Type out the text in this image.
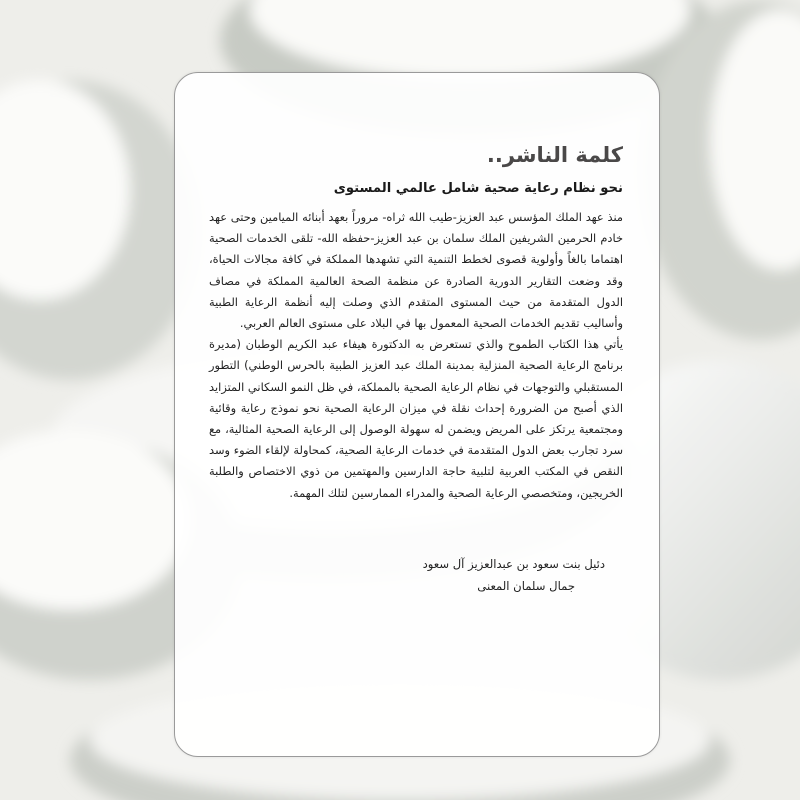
كلمة الناشر..
نحو نظام رعاية صحية شامل عالمي المستوى

منذ عهد الملك المؤسس عبد العزيز-طيب الله ثراه- مروراً بعهد أبنائه الميامين وحتى عهد خادم الحرمين الشريفين الملك سلمان بن عبد العزيز-حفظه الله- تلقى الخدمات الصحية اهتماما بالغاً وأولوية قصوى لخطط التنمية التي تشهدها المملكة في كافة مجالات الحياة، وقد وضعت التقارير الدورية الصادرة عن منظمة الصحة العالمية المملكة في مصاف الدول المتقدمة من حيث المستوى المتقدم الذي وصلت إليه أنظمة الرعاية الطبية وأساليب تقديم الخدمات الصحية المعمول بها في البلاد على مستوى العالم العربي.

يأتي هذا الكتاب الطموح والذي تستعرض به الدكتورة هيفاء عبد الكريم الوطبان (مديرة برنامج الرعاية الصحية المنزلية بمدينة الملك عبد العزيز الطبية بالحرس الوطني) التطور المستقبلي والتوجهات في نظام الرعاية الصحية بالمملكة، في ظل النمو السكاني المتزايد الذي أصبح من الضرورة إحداث نقلة في ميزان الرعاية الصحية نحو نموذج رعاية وقائية ومجتمعية يرتكز على المريض ويضمن له سهولة الوصول إلى الرعاية الصحية المثالية، مع سرد تجارب بعض الدول المتقدمة في خدمات الرعاية الصحية، كمحاولة لإلقاء الضوء وسد النقص في المكتب العربية لتلبية حاجة الدارسين والمهتمين من ذوي الاختصاص والطلبة الخريجين، ومتخصصي الرعاية الصحية والمدراء الممارسين لتلك المهمة.

دئيل بنت سعود بن عبدالعزيز آل سعود
جمال سلمان المعنى
